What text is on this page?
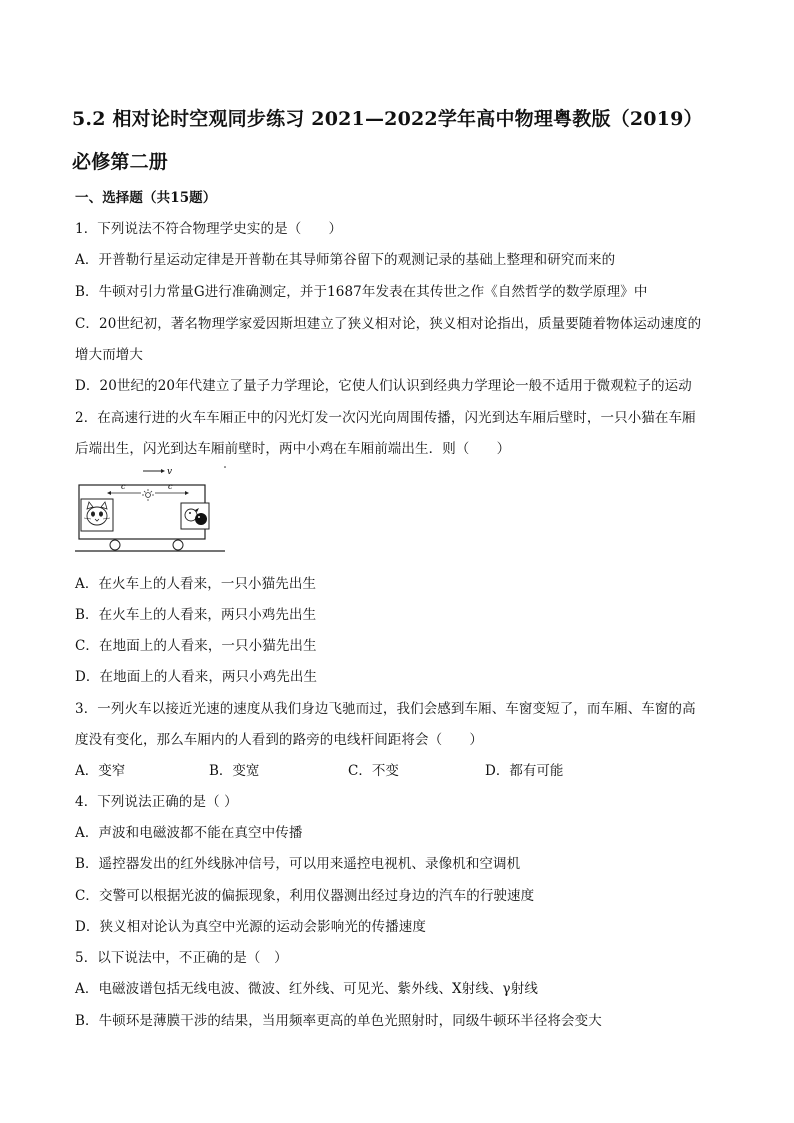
5.2 相对论时空观同步练习 2021—2022学年高中物理粤教版（2019）
必修第二册
一、选择题（共15题）
1．下列说法不符合物理学史实的是（　　）
A．开普勒行星运动定律是开普勒在其导师第谷留下的观测记录的基础上整理和研究而来的
B．牛顿对引力常量G进行准确测定，并于1687年发表在其传世之作《自然哲学的数学原理》中
C．20世纪初，著名物理学家爱因斯坦建立了狭义相对论，狭义相对论指出，质量要随着物体运动速度的
增大而增大
D．20世纪的20年代建立了量子力学理论，它使人们认识到经典力学理论一般不适用于微观粒子的运动
2．在高速行进的火车车厢正中的闪光灯发一次闪光向周围传播，闪光到达车厢后壁时，一只小猫在车厢
后端出生，闪光到达车厢前壁时，两中小鸡在车厢前端出生．则（　　）
v
c	c
A．在火车上的人看来，一只小猫先出生
B．在火车上的人看来，两只小鸡先出生
C．在地面上的人看来，一只小猫先出生
D．在地面上的人看来，两只小鸡先出生
3．一列火车以接近光速的速度从我们身边飞驰而过，我们会感到车厢、车窗变短了，而车厢、车窗的高
度没有变化，那么车厢内的人看到的路旁的电线杆间距将会（　　）
A．变窄	B．变宽	C．不变	D．都有可能
4．下列说法正确的是（ ）
A．声波和电磁波都不能在真空中传播
B．遥控器发出的红外线脉冲信号，可以用来遥控电视机、录像机和空调机
C．交警可以根据光波的偏振现象，利用仪器测出经过身边的汽车的行驶速度
D．狭义相对论认为真空中光源的运动会影响光的传播速度
5．以下说法中，不正确的是（　）
A．电磁波谱包括无线电波、微波、红外线、可见光、紫外线、X射线、γ射线
B．牛顿环是薄膜干涉的结果，当用频率更高的单色光照射时，同级牛顿环半径将会变大
